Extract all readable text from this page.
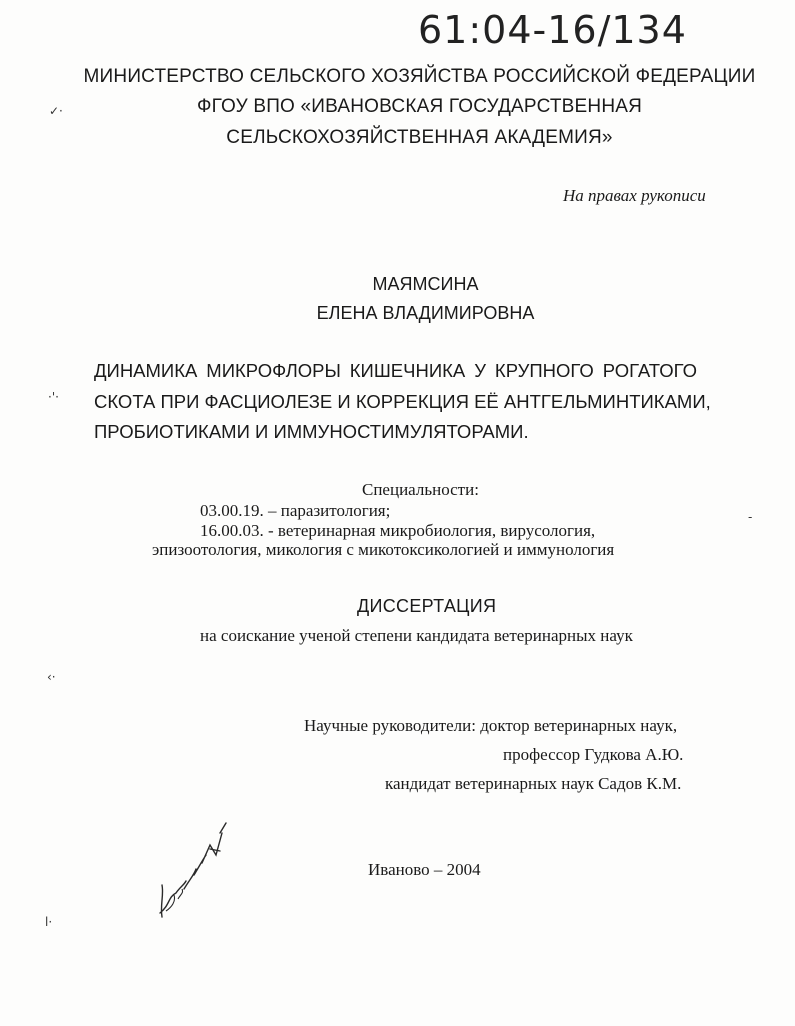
61:04-16/134
МИНИСТЕРСТВО СЕЛЬСКОГО ХОЗЯЙСТВА РОССИЙСКОЙ ФЕДЕРАЦИИ
ФГОУ ВПО «ИВАНОВСКАЯ ГОСУДАРСТВЕННАЯ
СЕЛЬСКОХОЗЯЙСТВЕННАЯ АКАДЕМИЯ»
На правах рукописи
МАЯМСИНА
ЕЛЕНА ВЛАДИМИРОВНА
ДИНАМИКА МИКРОФЛОРЫ КИШЕЧНИКА У КРУПНОГО РОГАТОГО
СКОТА ПРИ ФАСЦИОЛЕЗЕ И КОРРЕКЦИЯ ЕЁ АНТГЕЛЬМИНТИКАМИ,
ПРОБИОТИКАМИ И ИММУНОСТИМУЛЯТОРАМИ.
Специальности:
03.00.19. – паразитология;
16.00.03. - ветеринарная микробиология, вирусология,
эпизоотология, микология с микотоксикологией и иммунология
ДИССЕРТАЦИЯ
на соискание ученой степени кандидата ветеринарных наук
Научные руководители: доктор ветеринарных наук,
профессор Гудкова А.Ю.
кандидат ветеринарных наук Садов К.М.
Иваново – 2004
✓·
·'·
‹·
ⅼ·
‐
